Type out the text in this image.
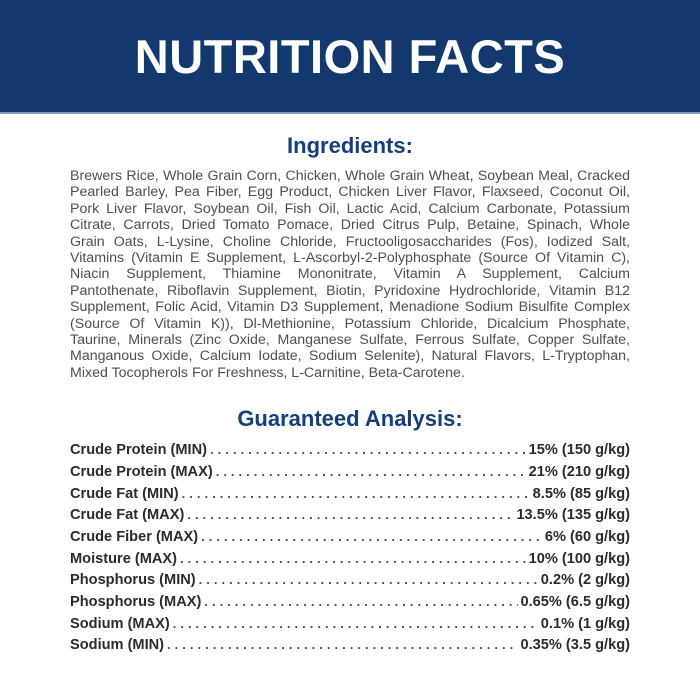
NUTRITION FACTS
Ingredients:
Brewers Rice, Whole Grain Corn, Chicken, Whole Grain Wheat, Soybean Meal, Cracked Pearled Barley, Pea Fiber, Egg Product, Chicken Liver Flavor, Flaxseed, Coconut Oil, Pork Liver Flavor, Soybean Oil, Fish Oil, Lactic Acid, Calcium Carbonate, Potassium Citrate, Carrots, Dried Tomato Pomace, Dried Citrus Pulp, Betaine, Spinach, Whole Grain Oats, L-Lysine, Choline Chloride, Fructooligosaccharides (Fos), Iodized Salt, Vitamins (Vitamin E Supplement, L-Ascorbyl-2-Polyphosphate (Source Of Vitamin C), Niacin Supplement, Thiamine Mononitrate, Vitamin A Supplement, Calcium Pantothenate, Riboflavin Supplement, Biotin, Pyridoxine Hydrochloride, Vitamin B12 Supplement, Folic Acid, Vitamin D3 Supplement, Menadione Sodium Bisulfite Complex (Source Of Vitamin K)), Dl-Methionine, Potassium Chloride, Dicalcium Phosphate, Taurine, Minerals (Zinc Oxide, Manganese Sulfate, Ferrous Sulfate, Copper Sulfate, Manganous Oxide, Calcium Iodate, Sodium Selenite), Natural Flavors, L-Tryptophan, Mixed Tocopherols For Freshness, L-Carnitine, Beta-Carotene.
Guaranteed Analysis:
Crude Protein (MIN) .....	15% (150 g/kg)
Crude Protein (MAX) .....	21% (210 g/kg)
Crude Fat (MIN) .....	8.5% (85 g/kg)
Crude Fat (MAX) .....	13.5% (135 g/kg)
Crude Fiber (MAX) .....	6% (60 g/kg)
Moisture (MAX) .....	10% (100 g/kg)
Phosphorus (MIN) .....	0.2% (2 g/kg)
Phosphorus (MAX) .....	0.65% (6.5 g/kg)
Sodium (MAX) .....	0.1% (1 g/kg)
Sodium (MIN) .....	0.35% (3.5 g/kg)
